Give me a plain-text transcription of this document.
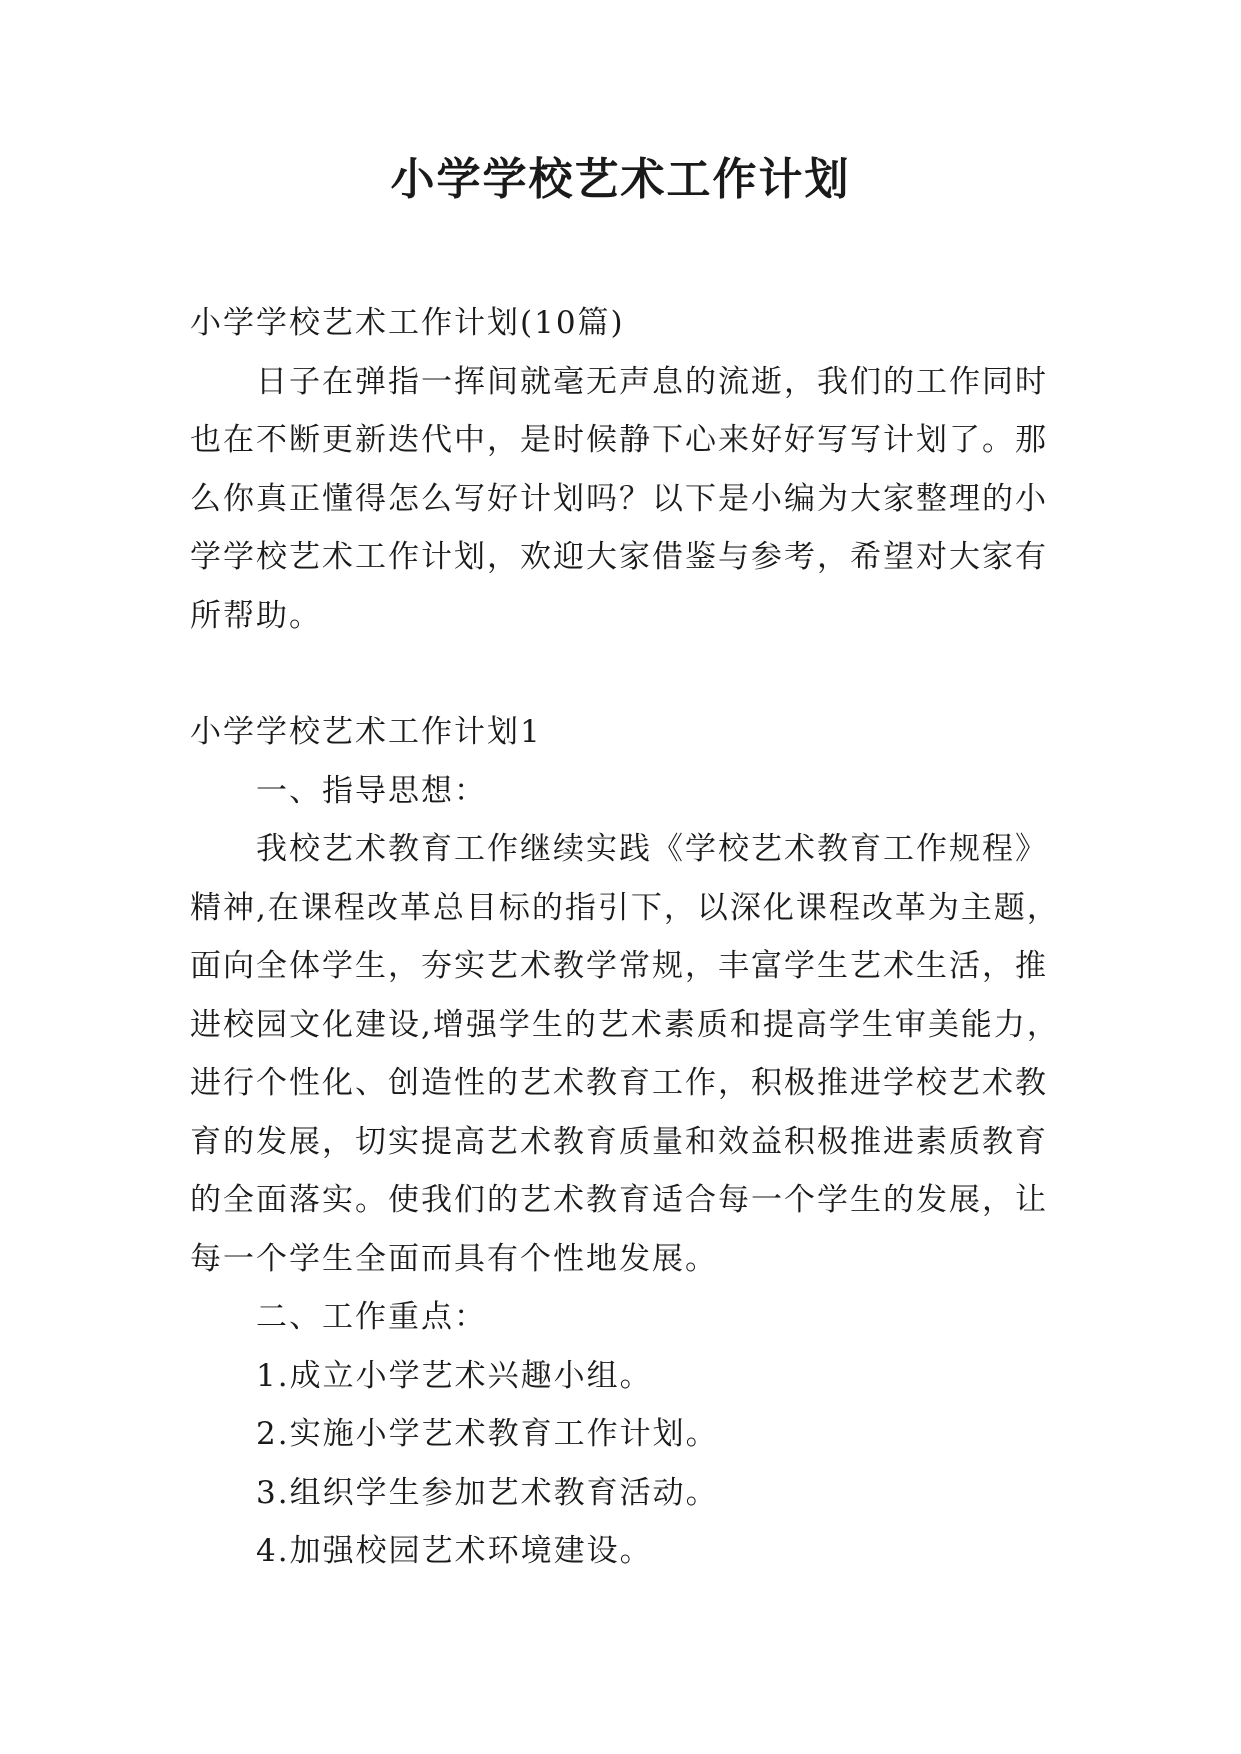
小学学校艺术工作计划

小学学校艺术工作计划(10篇)

日子在弹指一挥间就毫无声息的流逝，我们的工作同时也在不断更新迭代中，是时候静下心来好好写写计划了。那么你真正懂得怎么写好计划吗？以下是小编为大家整理的小学学校艺术工作计划，欢迎大家借鉴与参考，希望对大家有所帮助。

小学学校艺术工作计划1

一、指导思想：

我校艺术教育工作继续实践《学校艺术教育工作规程》精神,在课程改革总目标的指引下，以深化课程改革为主题，面向全体学生，夯实艺术教学常规，丰富学生艺术生活，推进校园文化建设,增强学生的艺术素质和提高学生审美能力，进行个性化、创造性的艺术教育工作，积极推进学校艺术教育的发展，切实提高艺术教育质量和效益积极推进素质教育的全面落实。使我们的艺术教育适合每一个学生的发展，让每一个学生全面而具有个性地发展。

二、工作重点：

1.成立小学艺术兴趣小组。

2.实施小学艺术教育工作计划。

3.组织学生参加艺术教育活动。

4.加强校园艺术环境建设。
